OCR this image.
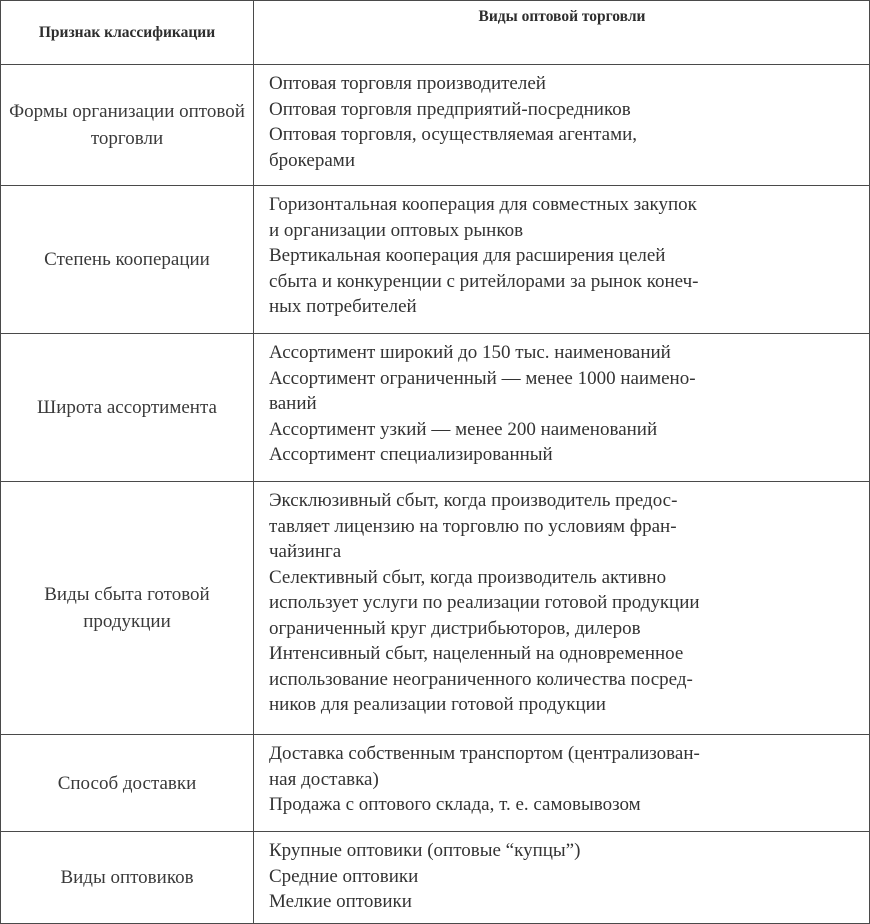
Признак классификации
Виды оптовой торговли
Формы организации оптовой торговли
Оптовая торговля производителей
Оптовая торговля предприятий-посредников
Оптовая торговля, осуществляемая агентами,
брокерами
Степень кооперации
Горизонтальная кооперация для совместных закупок
и организации оптовых рынков
Вертикальная кооперация для расширения целей
сбыта и конкуренции с ритейлорами за рынок конеч-
ных потребителей
Широта ассортимента
Ассортимент широкий до 150 тыс. наименований
Ассортимент ограниченный — менее 1000 наимено-
ваний
Ассортимент узкий — менее 200 наименований
Ассортимент специализированный
Виды сбыта готовой продукции
Эксклюзивный сбыт, когда производитель предос-
тавляет лицензию на торговлю по условиям фран-
чайзинга
Селективный сбыт, когда производитель активно
использует услуги по реализации готовой продукции
ограниченный круг дистрибьюторов, дилеров
Интенсивный сбыт, нацеленный на одновременное
использование неограниченного количества посред-
ников для реализации готовой продукции
Способ доставки
Доставка собственным транспортом (централизован-
ная доставка)
Продажа с оптового склада, т. е. самовывозом
Виды оптовиков
Крупные оптовики (оптовые “купцы”)
Средние оптовики
Мелкие оптовики
